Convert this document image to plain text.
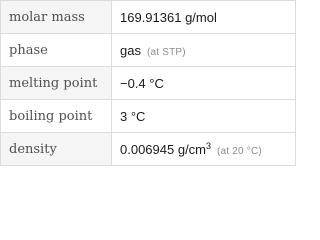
molar mass	169.91361 g/mol
phase	gas (at STP)
melting point	−0.4 °C
boiling point	3 °C
density	0.006945 $g/cm^3$ (at 20 °C)
